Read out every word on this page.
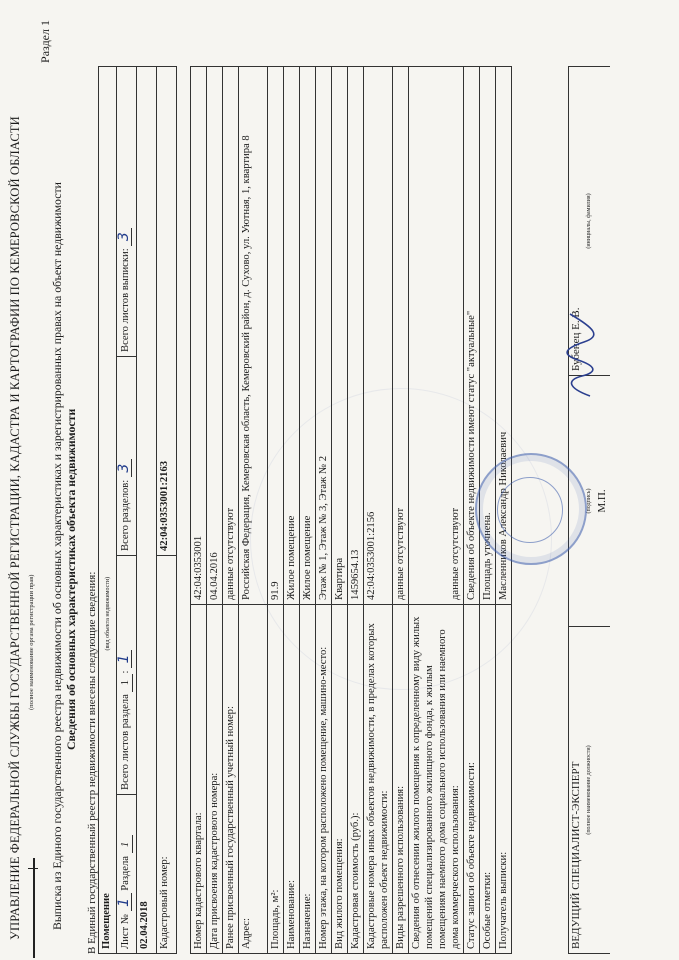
УПРАВЛЕНИЕ ФЕДЕРАЛЬНОЙ СЛУЖБЫ ГОСУДАРСТВЕННОЙ РЕГИСТРАЦИИ, КАДАСТРА И КАРТОГРАФИИ ПО КЕМЕРОВСКОЙ ОБЛАСТИ (полное наименование органа регистрации прав)
Раздел 1
Выписка из Единого государственного реестра недвижимости об основных характеристиках и зарегистрированных правах на объект недвижимости Сведения об основных характеристиках объекта недвижимости В Единый государственный реестр недвижимости внесены следующие сведения: Помещение (вид объекта недвижимости)			
Лист № 1 Раздела 1	Всего листов раздела 1: 1	Всего разделов: 3	Всего листов выписки: 3
02.04.2018			
Кадастровый номер:		42:04:0353001:2163	
Номер кадастрового квартала:	42:04:0353001
Дата присвоения кадастрового номера:	04.04.2016
Ранее присвоенный государственный учетный номер:	данные отсутствуют
Адрес:	Российская Федерация, Кемеровская область, Кемеровский район, д. Сухово, ул. Уютная, 1, квартира 8
Площадь, м²:	91.9
Наименование:	Жилое помещение
Назначение:	Жилое помещение
Номер этажа, на котором расположено помещение, машино-место:	Этаж № 1, Этаж № 3, Этаж № 2
Вид жилого помещения:	Квартира
Кадастровая стоимость (руб.):	1459654.13
Кадастровые номера иных объектов недвижимости, в пределах которых расположен объект недвижимости:	42:04:0353001:2156
Виды разрешенного использования:	данные отсутствуют
Сведения об отнесении жилого помещения к определенному виду жилых помещений специализированного жилищного фонда, к жилым помещениям наемного дома социального использования или наемного дома коммерческого использования:	данные отсутствуют
Статус записи об объекте недвижимости:	Сведения об объекте недвижимости имеют статус "актуальные"
Особые отметки:	Площадь уточнена.
Получатель выписки:	Масленников Александр Николаевич
ВЕДУЩИЙ СПЕЦИАЛИСТ-ЭКСПЕРТ (полное наименование должности)

(подпись) М.П.

Бубенец Е. В.
(инициалы, фамилия)
